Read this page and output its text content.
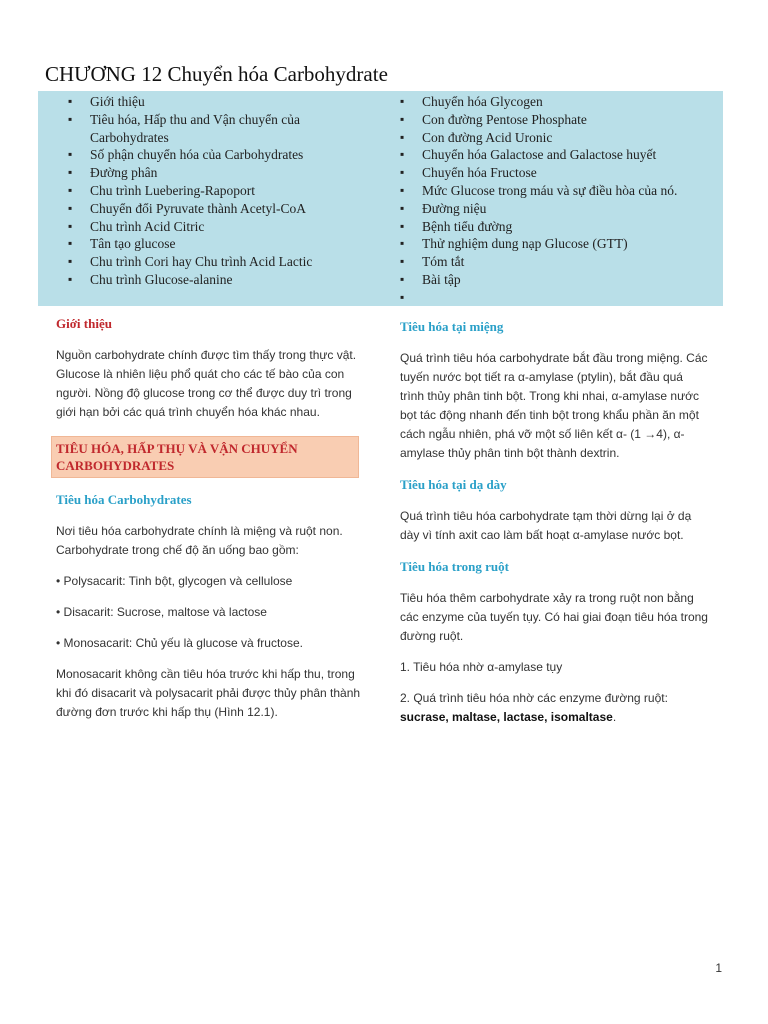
CHƯƠNG 12 Chuyển hóa Carbohydrate
▪ Giới thiệu
▪ Tiêu hóa, Hấp thu and Vận chuyển của Carbohydrates
▪ Số phận chuyển hóa của Carbohydrates
▪ Đường phân
▪ Chu trình Luebering-Rapoport
▪ Chuyển đổi Pyruvate thành Acetyl-CoA
▪ Chu trình Acid Citric
▪ Tân tạo glucose
▪ Chu trình Cori hay Chu trình Acid Lactic
▪ Chu trình Glucose-alanine
▪ Chuyển hóa Glycogen
▪ Con đường Pentose Phosphate
▪ Con đường Acid Uronic
▪ Chuyển hóa Galactose and Galactose huyết
▪ Chuyển hóa Fructose
▪ Mức Glucose trong máu và sự điều hòa của nó.
▪ Đường niệu
▪ Bệnh tiểu đường
▪ Thử nghiệm dung nạp Glucose (GTT)
▪ Tóm tắt
▪ Bài tập
Giới thiệu

Nguồn carbohydrate chính được tìm thấy trong thực vật. Glucose là nhiên liệu phổ quát cho các tế bào của con người. Nồng độ glucose trong cơ thể được duy trì trong giới hạn bởi các quá trình chuyển hóa khác nhau.

TIÊU HÓA, HẤP THỤ VÀ VẬN CHUYỂN CARBOHYDRATES
Tiêu hóa Carbohydrates

Nơi tiêu hóa carbohydrate chính là miệng và ruột non. Carbohydrate trong chế độ ăn uống bao gồm:

• Polysacarit: Tinh bột, glycogen và cellulose

• Disacarit: Sucrose, maltose và lactose

• Monosacarit: Chủ yếu là glucose và fructose.

Monosacarit không cần tiêu hóa trước khi hấp thu, trong khi đó disacarit và polysacarit phải được thủy phân thành đường đơn trước khi hấp thụ (Hình 12.1).

Tiêu hóa tại miệng

Quá trình tiêu hóa carbohydrate bắt đầu trong miệng. Các tuyến nước bọt tiết ra α-amylase (ptylin), bắt đầu quá trình thủy phân tinh bột. Trong khi nhai, α-amylase nước bọt tác động nhanh đến tinh bột trong khẩu phần ăn một cách ngẫu nhiên, phá vỡ một số liên kết α- (1 →4), α-amylase thủy phân tinh bột thành dextrin.

Tiêu hóa tại dạ dày

Quá trình tiêu hóa carbohydrate tạm thời dừng lại ở dạ dày vì tính axit cao làm bất hoạt α-amylase nước bọt.

Tiêu hóa trong ruột

Tiêu hóa thêm carbohydrate xảy ra trong ruột non bằng các enzyme của tuyến tụy. Có hai giai đoạn tiêu hóa trong đường ruột.

1. Tiêu hóa nhờ α-amylase tụy

2. Quá trình tiêu hóa nhờ các enzyme đường ruột:
sucrase, maltase, lactase, isomaltase.

1
